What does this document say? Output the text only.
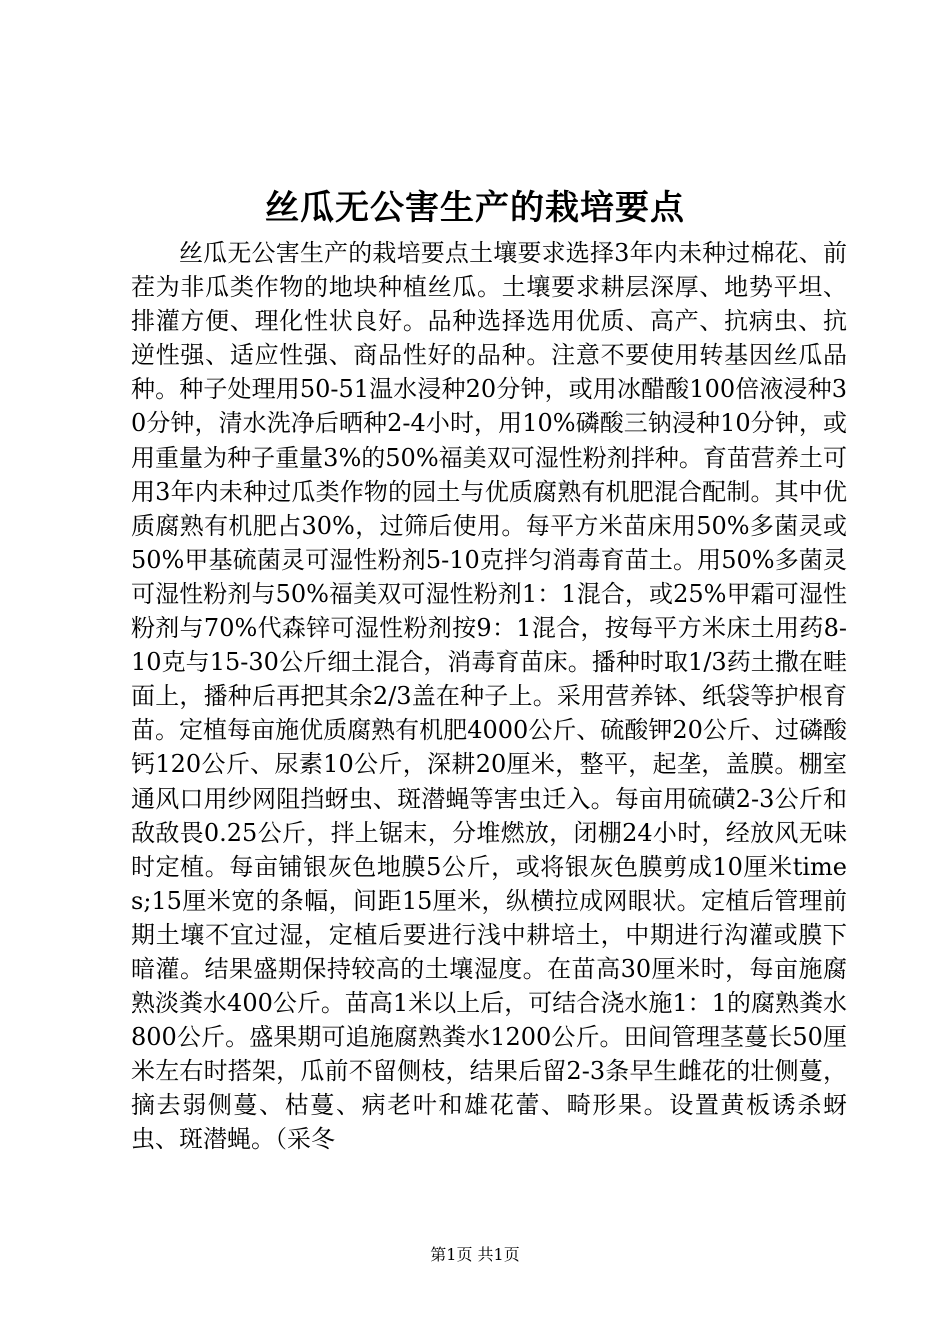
丝瓜无公害生产的栽培要点

丝瓜无公害生产的栽培要点土壤要求选择3年内未种过棉花、前茬为非瓜类作物的地块种植丝瓜。土壤要求耕层深厚、地势平坦、排灌方便、理化性状良好。品种选择选用优质、高产、抗病虫、抗逆性强、适应性强、商品性好的品种。注意不要使用转基因丝瓜品种。种子处理用50-51温水浸种20分钟，或用冰醋酸100倍液浸种30分钟，清水洗净后晒种2-4小时，用10%磷酸三钠浸种10分钟，或用重量为种子重量3%的50%福美双可湿性粉剂拌种。育苗营养土可用3年内未种过瓜类作物的园土与优质腐熟有机肥混合配制。其中优质腐熟有机肥占30%，过筛后使用。每平方米苗床用50%多菌灵或50%甲基硫菌灵可湿性粉剂5-10克拌匀消毒育苗土。用50%多菌灵可湿性粉剂与50%福美双可湿性粉剂1：1混合，或25%甲霜可湿性粉剂与70%代森锌可湿性粉剂按9：1混合，按每平方米床土用药8-10克与15-30公斤细土混合，消毒育苗床。播种时取1/3药土撒在畦面上，播种后再把其余2/3盖在种子上。采用营养钵、纸袋等护根育苗。定植每亩施优质腐熟有机肥4000公斤、硫酸钾20公斤、过磷酸钙120公斤、尿素10公斤，深耕20厘米，整平，起垄，盖膜。棚室通风口用纱网阻挡蚜虫、斑潜蝇等害虫迁入。每亩用硫磺2-3公斤和敌敌畏0.25公斤，拌上锯末，分堆燃放，闭棚24小时，经放风无味时定植。每亩铺银灰色地膜5公斤，或将银灰色膜剪成10厘米times;15厘米宽的条幅，间距15厘米，纵横拉成网眼状。定植后管理前期土壤不宜过湿，定植后要进行浅中耕培土，中期进行沟灌或膜下暗灌。结果盛期保持较高的土壤湿度。在苗高30厘米时，每亩施腐熟淡粪水400公斤。苗高1米以上后，可结合浇水施1：1的腐熟粪水800公斤。盛果期可追施腐熟粪水1200公斤。田间管理茎蔓长50厘米左右时搭架，瓜前不留侧枝，结果后留2-3条早生雌花的壮侧蔓，摘去弱侧蔓、枯蔓、病老叶和雄花蕾、畸形果。设置黄板诱杀蚜虫、斑潜蝇。（采冬

第1页 共1页
